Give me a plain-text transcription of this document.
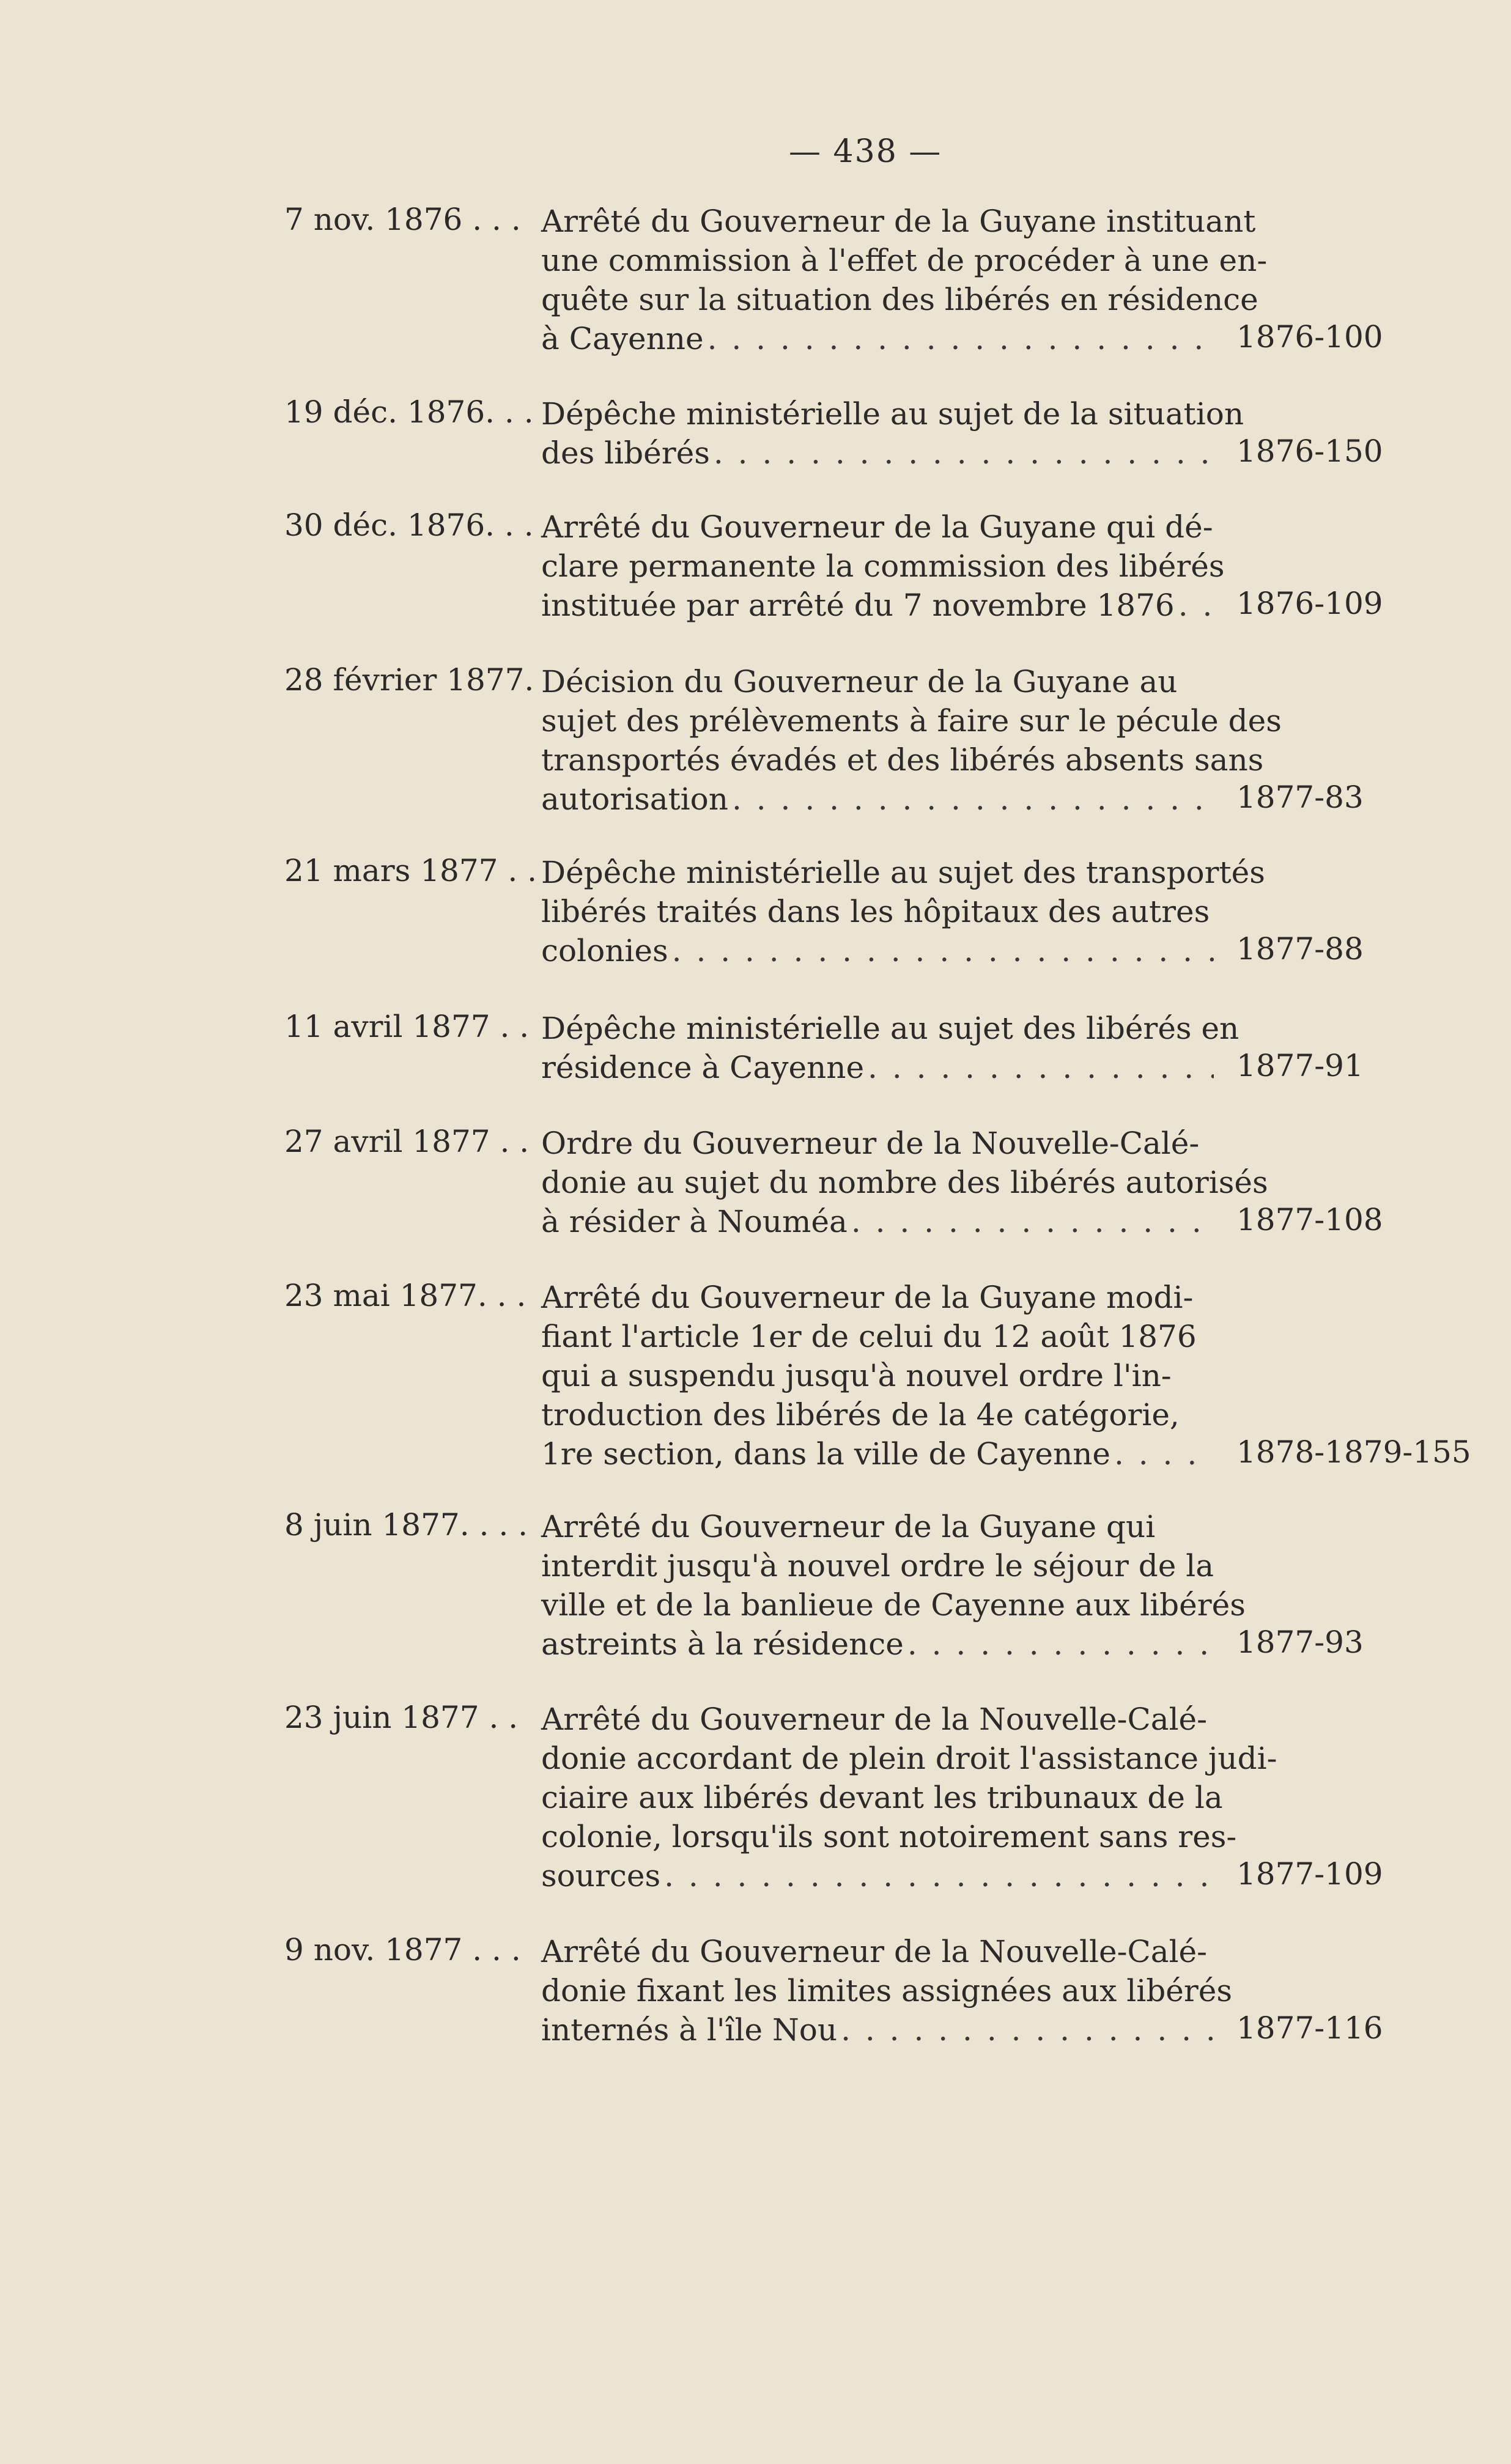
— 438 —
7 nov. 1876 . . . Arrêté du Gouverneur de la Guyane instituant
une commission à l'effet de procéder à une en-
quête sur la situation des libérés en résidence
à Cayenne . . .	1876-100
19 déc. 1876. . . Dépêche ministérielle au sujet de la situation
des libérés . . .	1876-150
30 déc. 1876. . . Arrêté du Gouverneur de la Guyane qui dé-
clare permanente la commission des libérés
instituée par arrêté du 7 novembre 1876 . . . 1876-109
28 février 1877. Décision du Gouverneur de la Guyane au
sujet des prélèvements à faire sur le pécule des
transportés évadés et des libérés absents sans
autorisation . . .	1877-83
21 mars 1877 . . Dépêche ministérielle au sujet des transportés
libérés traités dans les hôpitaux des autres
colonies . . .	1877-88
11 avril 1877 . . Dépêche ministérielle au sujet des libérés en
résidence à Cayenne . . .	1877-91
27 avril 1877 . . Ordre du Gouverneur de la Nouvelle-Calé-
donie au sujet du nombre des libérés autorisés
à résider à Nouméa . . .	1877-108
23 mai 1877. . . Arrêté du Gouverneur de la Guyane modi-
fiant l'article 1er de celui du 12 août 1876
qui a suspendu jusqu'à nouvel ordre l'in-
troduction des libérés de la 4e catégorie,
1re section, dans la ville de Cayenne . . .	1878-1879-155
8 juin 1877. . . . Arrêté du Gouverneur de la Guyane qui
interdit jusqu'à nouvel ordre le séjour de la
ville et de la banlieue de Cayenne aux libérés
astreints à la résidence . . .	1877-93
23 juin 1877 . . Arrêté du Gouverneur de la Nouvelle-Calé-
donie accordant de plein droit l'assistance judi-
ciaire aux libérés devant les tribunaux de la
colonie, lorsqu'ils sont notoirement sans res-
sources . . .	1877-109
9 nov. 1877 . . . Arrêté du Gouverneur de la Nouvelle-Calé-
donie fixant les limites assignées aux libérés
internés à l'île Nou . . .	1877-116
